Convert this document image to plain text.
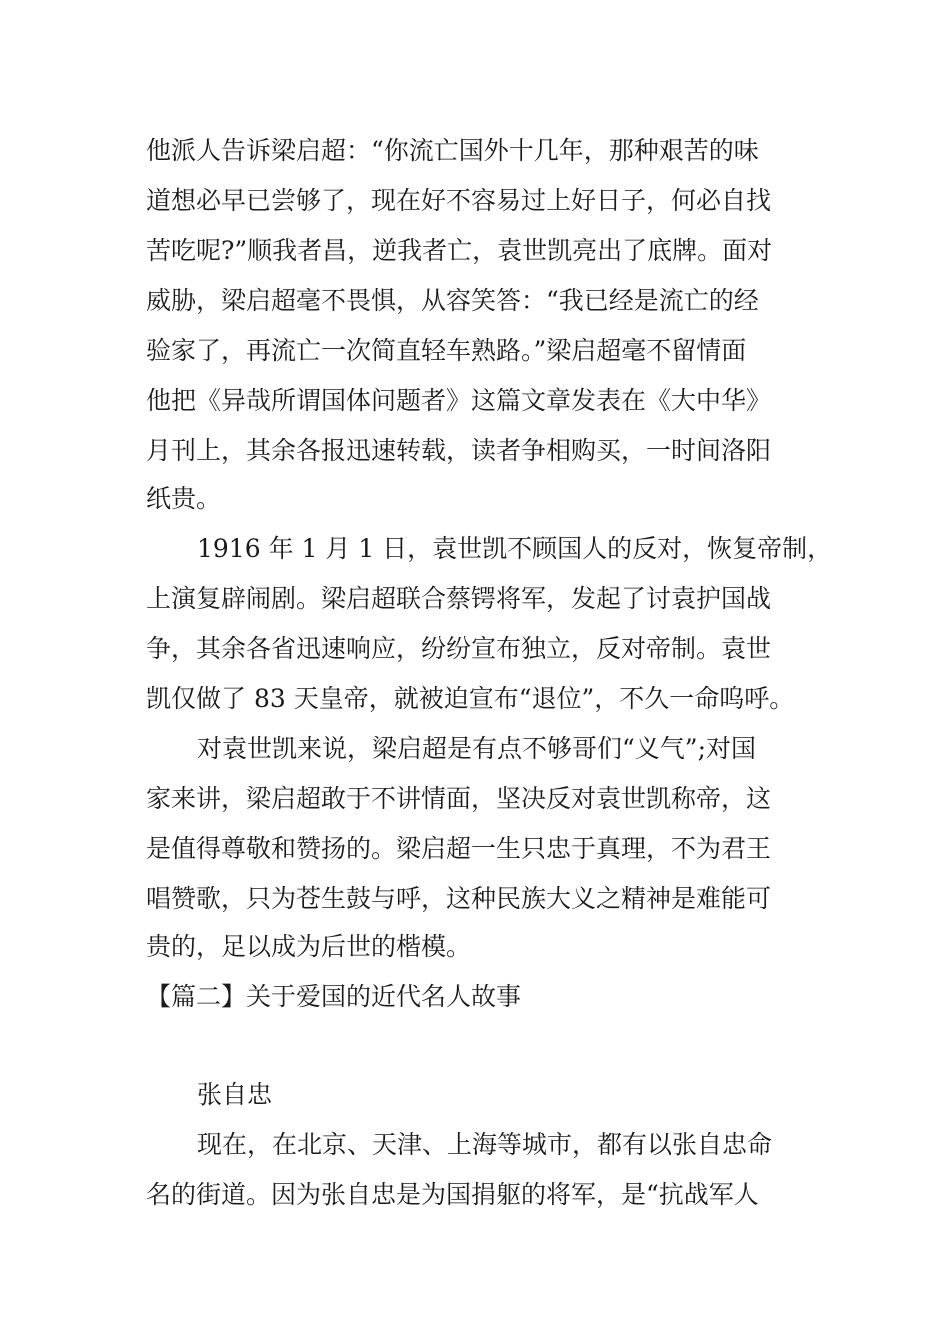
他派人告诉梁启超：“你流亡国外十几年，那种艰苦的味
道想必早已尝够了，现在好不容易过上好日子，何必自找
苦吃呢?”顺我者昌，逆我者亡，袁世凯亮出了底牌。面对
威胁，梁启超毫不畏惧，从容笑答：“我已经是流亡的经
验家了，再流亡一次简直轻车熟路。”梁启超毫不留情面
他把《异哉所谓国体问题者》这篇文章发表在《大中华》
月刊上，其余各报迅速转载，读者争相购买，一时间洛阳
纸贵。
1916 年 1 月 1 日，袁世凯不顾国人的反对，恢复帝制，
上演复辟闹剧。梁启超联合蔡锷将军，发起了讨袁护国战
争，其余各省迅速响应，纷纷宣布独立，反对帝制。袁世
凯仅做了 83 天皇帝，就被迫宣布“退位”，不久一命呜呼。
对袁世凯来说，梁启超是有点不够哥们“义气”;对国
家来讲，梁启超敢于不讲情面，坚决反对袁世凯称帝，这
是值得尊敬和赞扬的。梁启超一生只忠于真理，不为君王
唱赞歌，只为苍生鼓与呼，这种民族大义之精神是难能可
贵的，足以成为后世的楷模。
【篇二】关于爱国的近代名人故事
张自忠
现在，在北京、天津、上海等城市，都有以张自忠命
名的街道。因为张自忠是为国捐躯的将军，是“抗战军人
